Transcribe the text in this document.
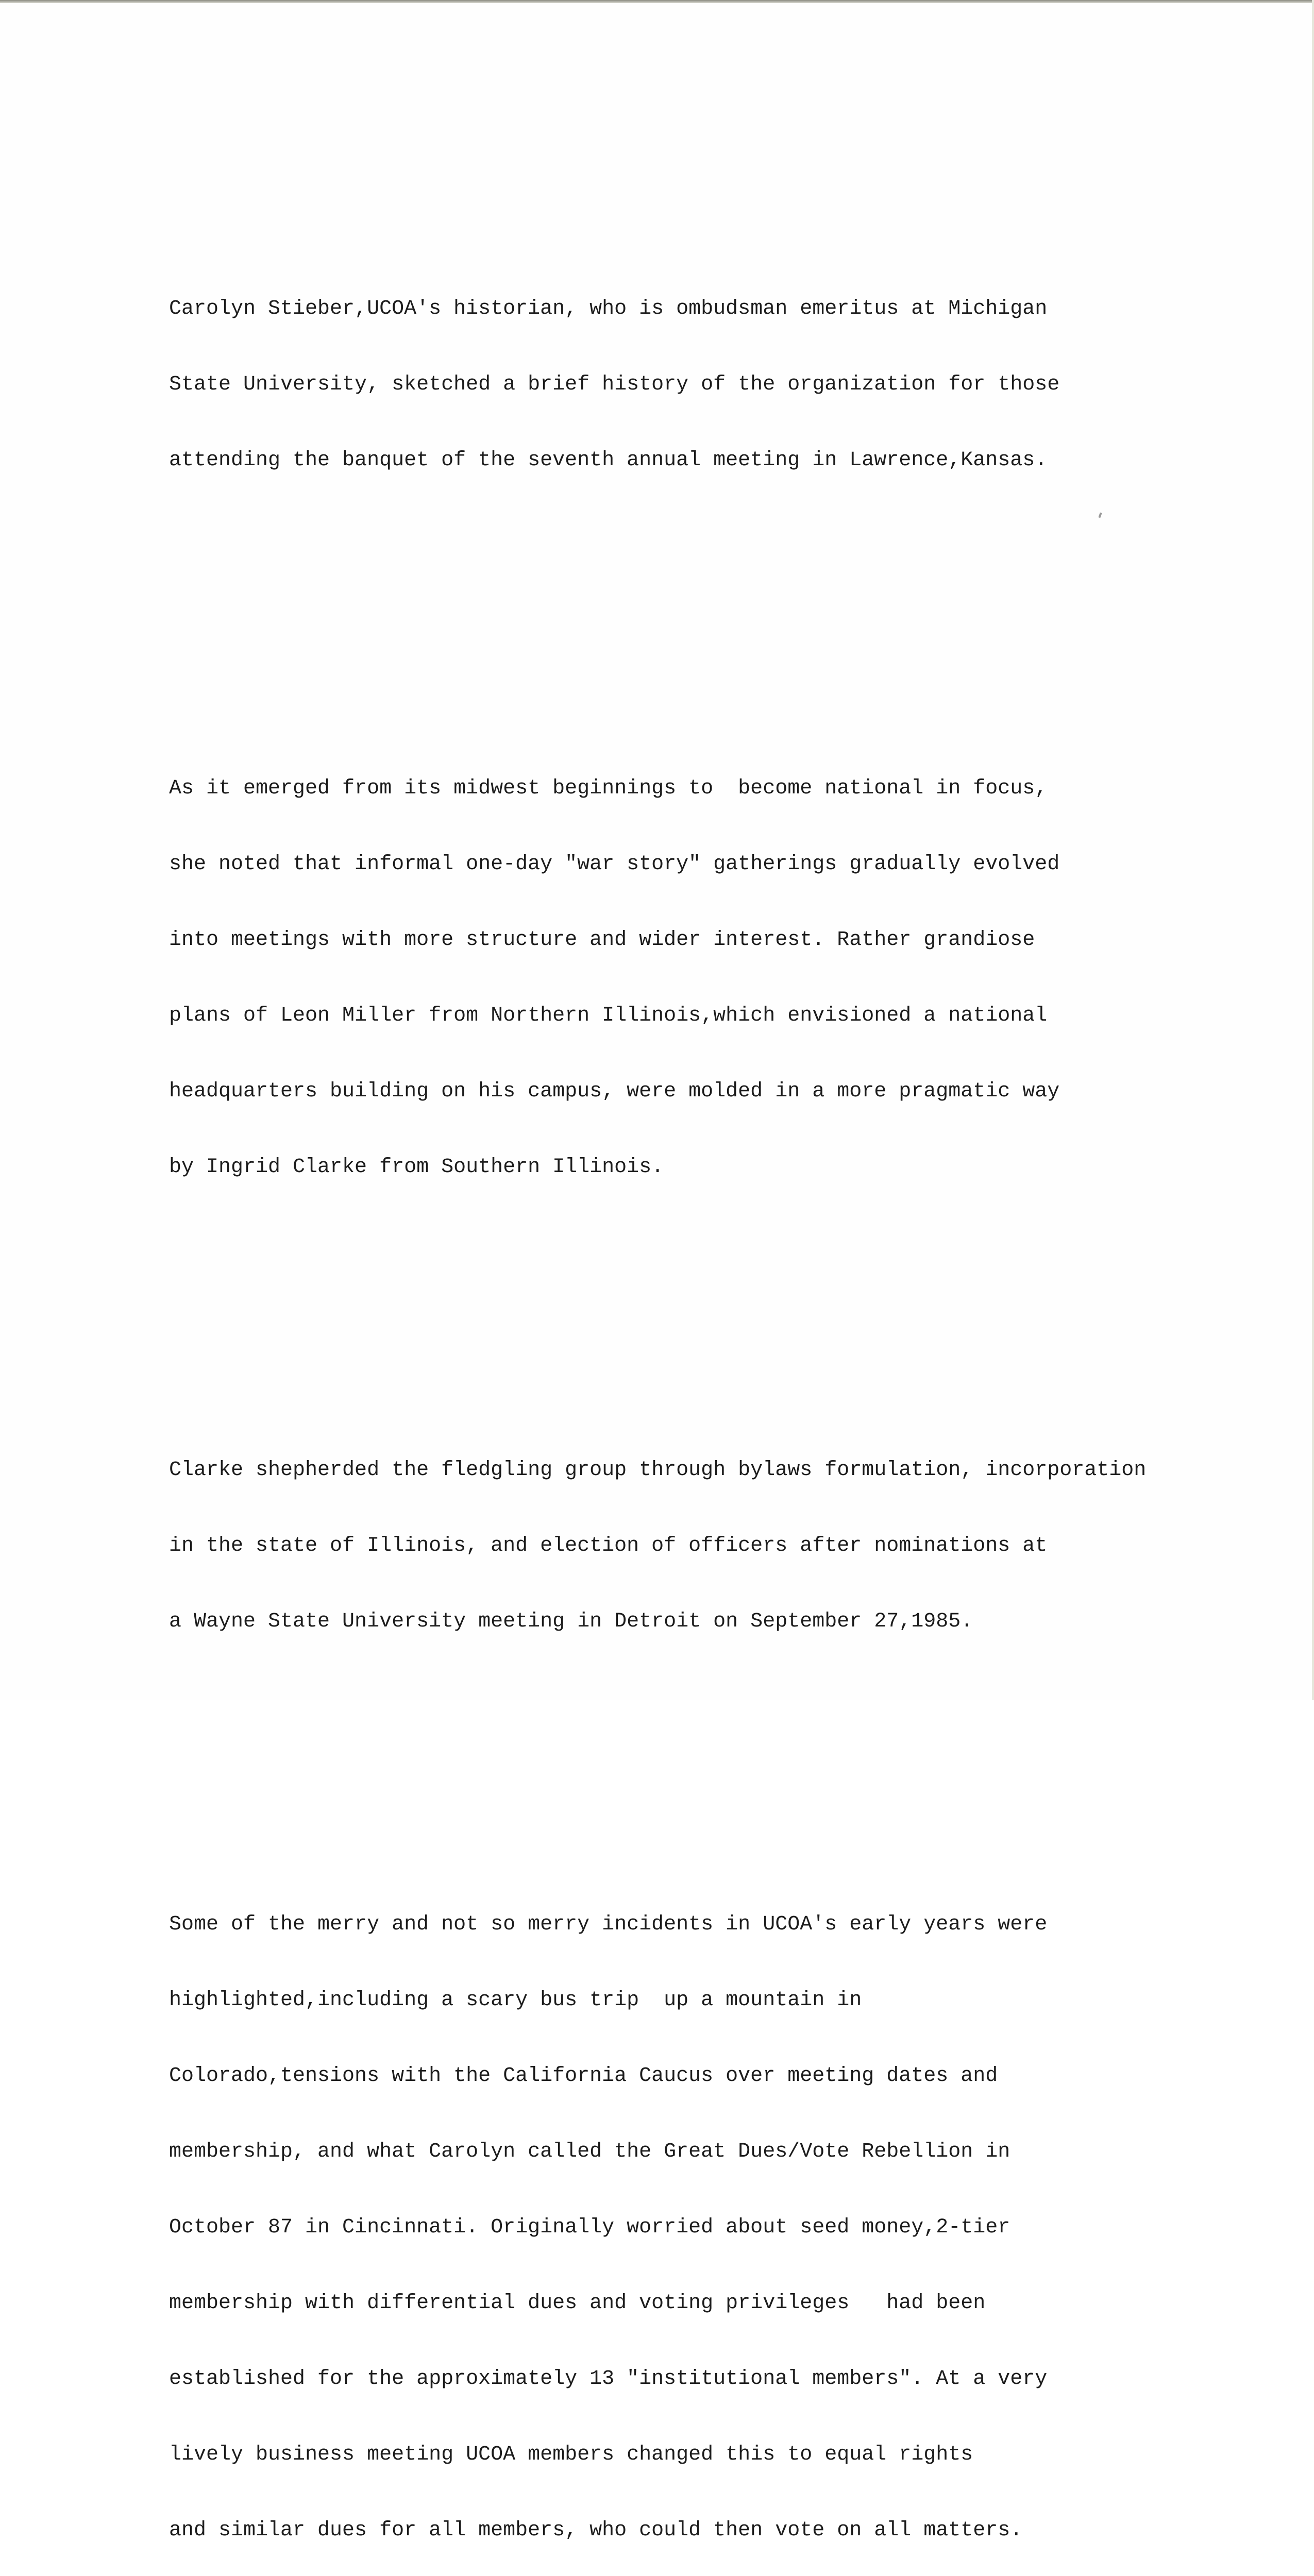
Carolyn Stieber,UCOA's historian, who is ombudsman emeritus at Michigan

State University, sketched a brief history of the organization for those

attending the banquet of the seventh annual meeting in Lawrence,Kansas.

As it emerged from its midwest beginnings to  become national in focus,

she noted that informal one-day "war story" gatherings gradually evolved

into meetings with more structure and wider interest. Rather grandiose

plans of Leon Miller from Northern Illinois,which envisioned a national

headquarters building on his campus, were molded in a more pragmatic way

by Ingrid Clarke from Southern Illinois.

Clarke shepherded the fledgling group through bylaws formulation, incorporation

in the state of Illinois, and election of officers after nominations at

a Wayne State University meeting in Detroit on September 27,1985.

Some of the merry and not so merry incidents in UCOA's early years were

highlighted,including a scary bus trip  up a mountain in

Colorado,tensions with the California Caucus over meeting dates and

membership, and what Carolyn called the Great Dues/Vote Rebellion in

October 87 in Cincinnati. Originally worried about seed money,2-tier

membership with differential dues and voting privileges   had been

established for the approximately 13 "institutional members". At a very

lively business meeting UCOA members changed this to equal rights

and similar dues for all members, who could then vote on all matters.
